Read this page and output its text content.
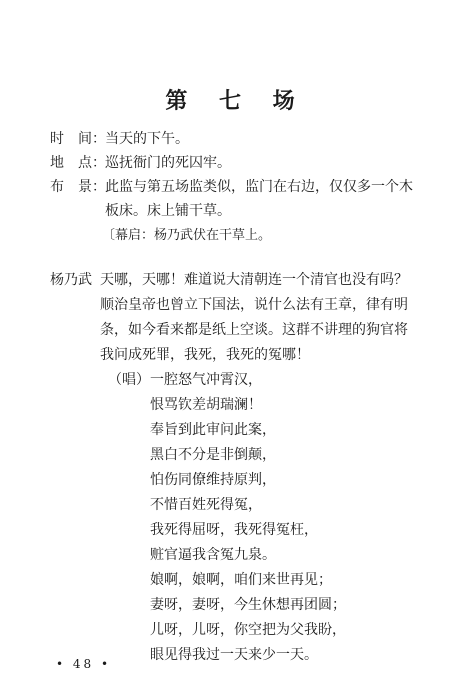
第 七 场
时　间： 当天的下午。
地　点： 巡抚衙门的死囚牢。
布　景： 此监与第五场监类似，监门在右边，仅仅多一个木
板床。床上铺干草。
〔幕启：杨乃武伏在干草上。
杨乃武 天哪，天哪！难道说大清朝连一个清官也没有吗？
顺治皇帝也曾立下国法，说什么法有王章，律有明
条，如今看来都是纸上空谈。这群不讲理的狗官将
我问成死罪，我死，我死的冤哪！
（唱）一腔怒气冲霄汉，
恨骂钦差胡瑞澜！
奉旨到此审问此案，
黑白不分是非倒颠，
怕伤同僚维持原判，
不惜百姓死得冤，
我死得屈呀，我死得冤枉，
赃官逼我含冤九泉。
娘啊，娘啊，咱们来世再见；
妻呀，妻呀，今生休想再团圆；
儿呀，儿呀，你空把为父我盼，
眼见得我过一天来少一天。
• 48 •
